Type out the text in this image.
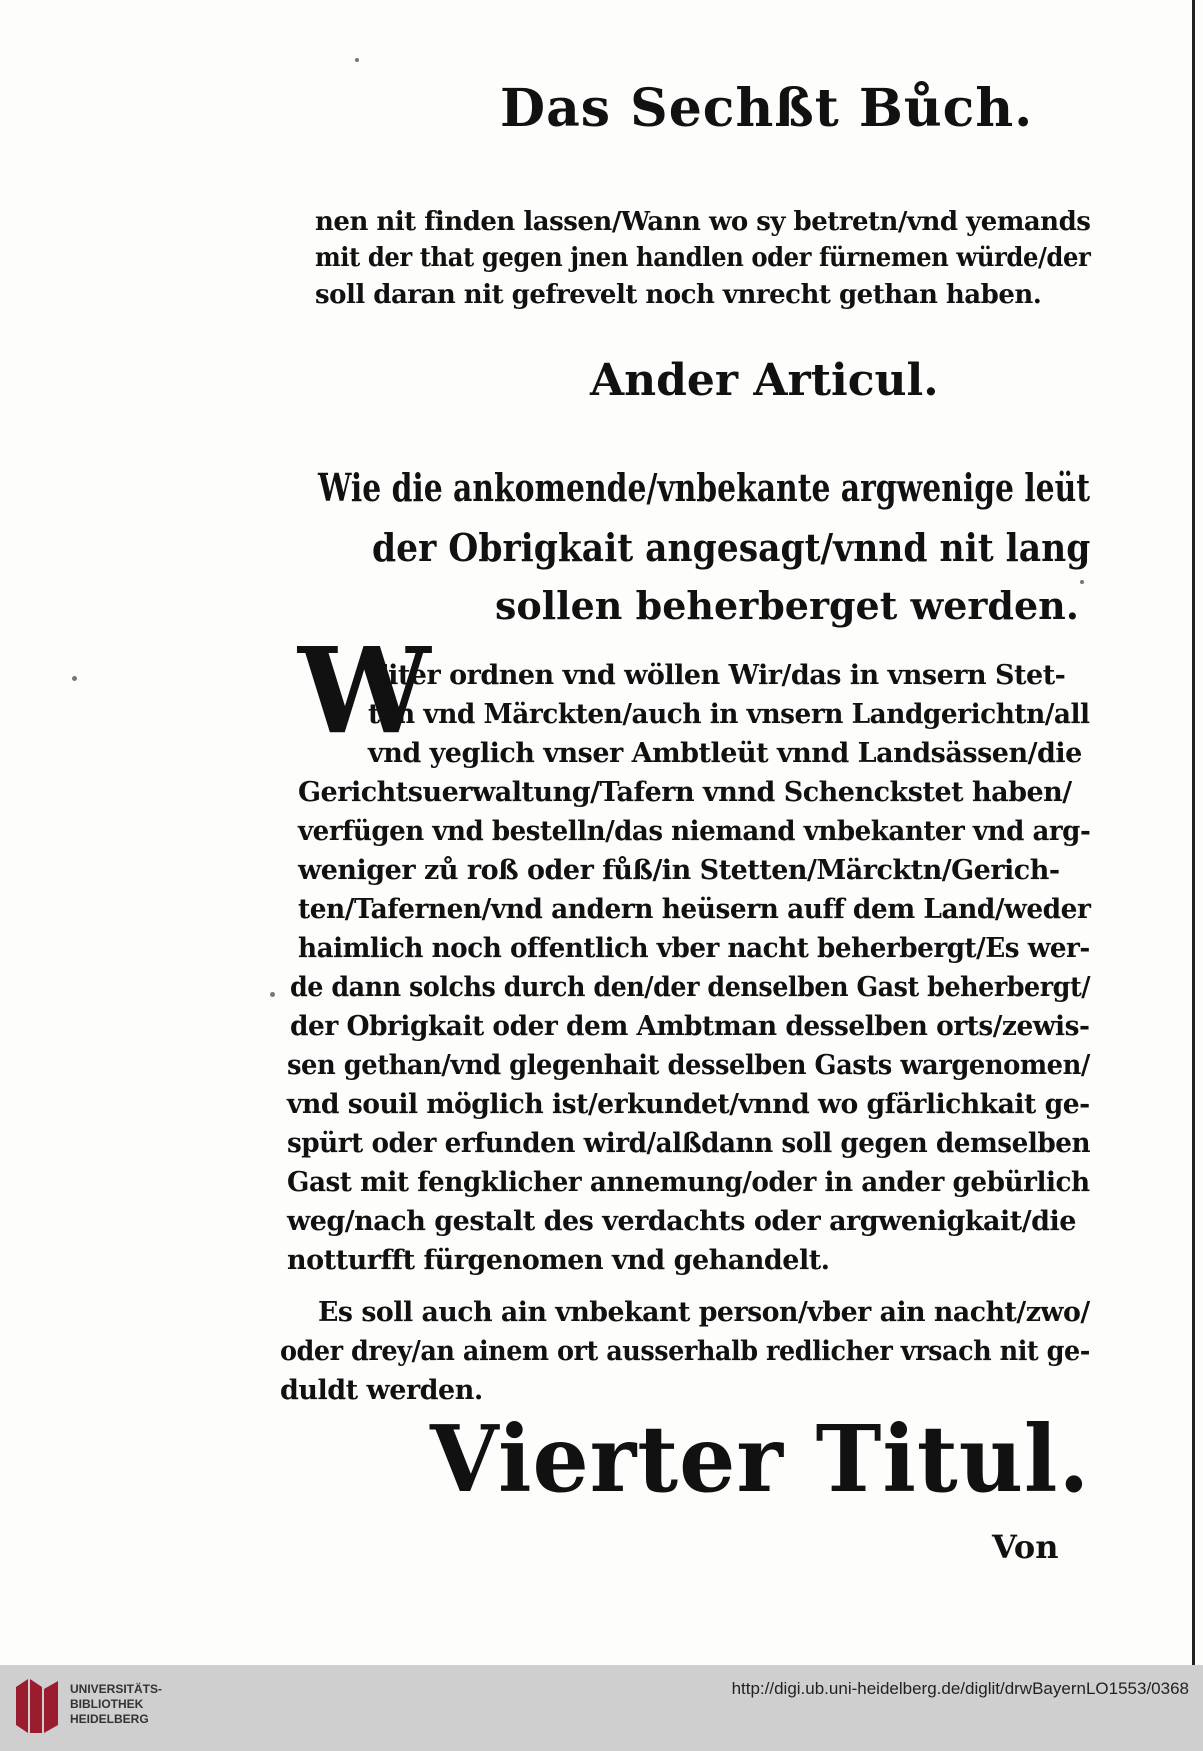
Das Sechßt Bůch.
nen nit finden lassen/Wann wo sy betretn/vnd yemands
mit der that gegen jnen handlen oder fürnemen würde/der
soll daran nit gefrevelt noch vnrecht gethan haben.
Ander Articul.
Wie die ankomende/vnbekante argwenige leüt
der Obrigkait angesagt/vnnd nit lang
sollen beherberget werden.
W
Eiter ordnen vnd wöllen Wir/das in vnsern Stet-
ten vnd Märckten/auch in vnsern Landgerichtn/all
vnd yeglich vnser Ambtleüt vnnd Landsässen/die
Gerichtsuerwaltung/Tafern vnnd Schenckstet haben/
verfügen vnd bestelln/das niemand vnbekanter vnd arg-
weniger zů roß oder fůß/in Stetten/Märcktn/Gerich-
ten/Tafernen/vnd andern heüsern auff dem Land/weder
haimlich noch offentlich vber nacht beherbergt/Es wer-
de dann solchs durch den/der denselben Gast beherbergt/
der Obrigkait oder dem Ambtman desselben orts/zewis-
sen gethan/vnd glegenhait desselben Gasts wargenomen/
vnd souil möglich ist/erkundet/vnnd wo gfärlichkait ge-
spürt oder erfunden wird/alßdann soll gegen demselben
Gast mit fengklicher annemung/oder in ander gebürlich
weg/nach gestalt des verdachts oder argwenigkait/die
notturfft fürgenomen vnd gehandelt.
Es soll auch ain vnbekant person/vber ain nacht/zwo/
oder drey/an ainem ort ausserhalb redlicher vrsach nit ge-
duldt werden.
Vierter Titul.
Von
UNIVERSITÄTS-
BIBLIOTHEK
HEIDELBERG
http://digi.ub.uni-heidelberg.de/diglit/drwBayernLO1553/0368
